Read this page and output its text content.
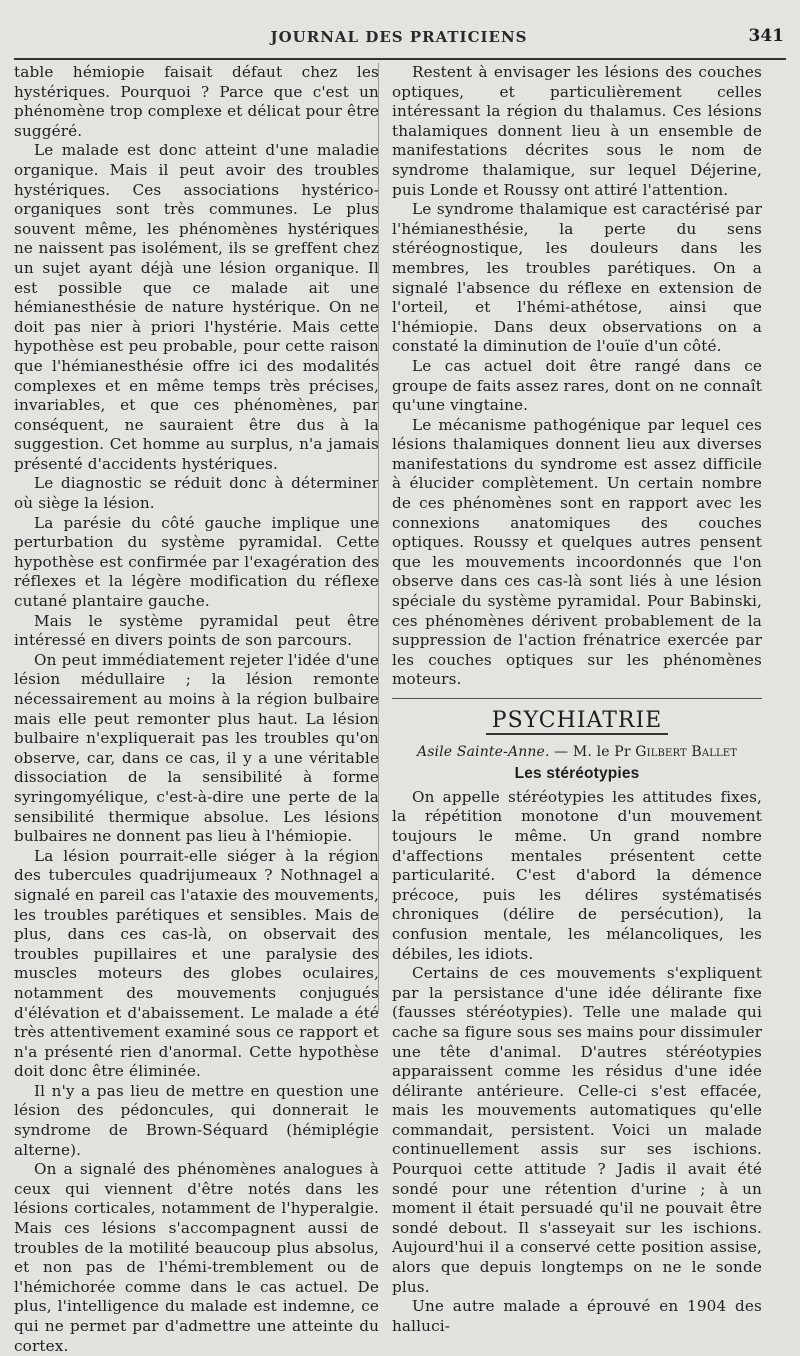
JOURNAL DES PRATICIENS	341

table hémiopie faisait défaut chez les hystériques. Pourquoi ? Parce que c'est un phénomène trop complexe et délicat pour être suggéré.

Le malade est donc atteint d'une maladie organique. Mais il peut avoir des troubles hystériques. Ces associations hystérico-organiques sont très communes. Le plus souvent même, les phénomènes hystériques ne naissent pas isolément, ils se greffent chez un sujet ayant déjà une lésion organique. Il est possible que ce malade ait une hémianesthésie de nature hystérique. On ne doit pas nier à priori l'hystérie. Mais cette hypothèse est peu probable, pour cette raison que l'hémianesthésie offre ici des modalités complexes et en même temps très précises, invariables, et que ces phénomènes, par conséquent, ne sauraient être dus à la suggestion. Cet homme au surplus, n'a jamais présenté d'accidents hystériques.

Le diagnostic se réduit donc à déterminer où siège la lésion.

La parésie du côté gauche implique une perturbation du système pyramidal. Cette hypothèse est confirmée par l'exagération des réflexes et la légère modification du réflexe cutané plantaire gauche.

Mais le système pyramidal peut être intéressé en divers points de son parcours.

On peut immédiatement rejeter l'idée d'une lésion médullaire ; la lésion remonte nécessairement au moins à la région bulbaire mais elle peut remonter plus haut. La lésion bulbaire n'expliquerait pas les troubles qu'on observe, car, dans ce cas, il y a une véritable dissociation de la sensibilité à forme syringomyélique, c'est-à-dire une perte de la sensibilité thermique absolue. Les lésions bulbaires ne donnent pas lieu à l'hémiopie.

La lésion pourrait-elle siéger à la région des tubercules quadrijumeaux ? Nothnagel a signalé en pareil cas l'ataxie des mouvements, les troubles parétiques et sensibles. Mais de plus, dans ces cas-là, on observait des troubles pupillaires et une paralysie des muscles moteurs des globes oculaires, notamment des mouvements conjugués d'élévation et d'abaissement. Le malade a été très attentivement examiné sous ce rapport et n'a présenté rien d'anormal. Cette hypothèse doit donc être éliminée.

Il n'y a pas lieu de mettre en question une lésion des pédoncules, qui donnerait le syndrome de Brown-Séquard (hémiplégie alterne).

On a signalé des phénomènes analogues à ceux qui viennent d'être notés dans les lésions corticales, notamment de l'hyperalgie. Mais ces lésions s'accompagnent aussi de troubles de la motilité beaucoup plus absolus, et non pas de l'hémi-tremblement ou de l'hémichorée comme dans le cas actuel. De plus, l'intelligence du malade est indemne, ce qui ne permet par d'admettre une atteinte du cortex.

Restent à envisager les lésions des couches optiques, et particulièrement celles intéressant la région du thalamus. Ces lésions thalamiques donnent lieu à un ensemble de manifestations décrites sous le nom de syndrome thalamique, sur lequel Déjerine, puis Londe et Roussy ont attiré l'attention.

Le syndrome thalamique est caractérisé par l'hémianesthésie, la perte du sens stéréognostique, les douleurs dans les membres, les troubles parétiques. On a signalé l'absence du réflexe en extension de l'orteil, et l'hémi-athétose, ainsi que l'hémiopie. Dans deux observations on a constaté la diminution de l'ouïe d'un côté.

Le cas actuel doit être rangé dans ce groupe de faits assez rares, dont on ne connaît qu'une vingtaine.

Le mécanisme pathogénique par lequel ces lésions thalamiques donnent lieu aux diverses manifestations du syndrome est assez difficile à élucider complètement. Un certain nombre de ces phénomènes sont en rapport avec les connexions anatomiques des couches optiques. Roussy et quelques autres pensent que les mouvements incoordonnés que l'on observe dans ces cas-là sont liés à une lésion spéciale du système pyramidal. Pour Babinski, ces phénomènes dérivent probablement de la suppression de l'action frénatrice exercée par les couches optiques sur les phénomènes moteurs.

PSYCHIATRIE
Asile Sainte-Anne. — M. le Pr Gilbert Ballet
Les stéréotypies

On appelle stéréotypies les attitudes fixes, la répétition monotone d'un mouvement toujours le même. Un grand nombre d'affections mentales présentent cette particularité. C'est d'abord la démence précoce, puis les délires systématisés chroniques (délire de persécution), la confusion mentale, les mélancoliques, les débiles, les idiots.

Certains de ces mouvements s'expliquent par la persistance d'une idée délirante fixe (fausses stéréotypies). Telle une malade qui cache sa figure sous ses mains pour dissimuler une tête d'animal. D'autres stéréotypies apparaissent comme les résidus d'une idée délirante antérieure. Celle-ci s'est effacée, mais les mouvements automatiques qu'elle commandait, persistent. Voici un malade continuellement assis sur ses ischions. Pourquoi cette attitude ? Jadis il avait été sondé pour une rétention d'urine ; à un moment il était persuadé qu'il ne pouvait être sondé debout. Il s'asseyait sur les ischions. Aujourd'hui il a conservé cette position assise, alors que depuis longtemps on ne le sonde plus.

Une autre malade a éprouvé en 1904 des halluci-
